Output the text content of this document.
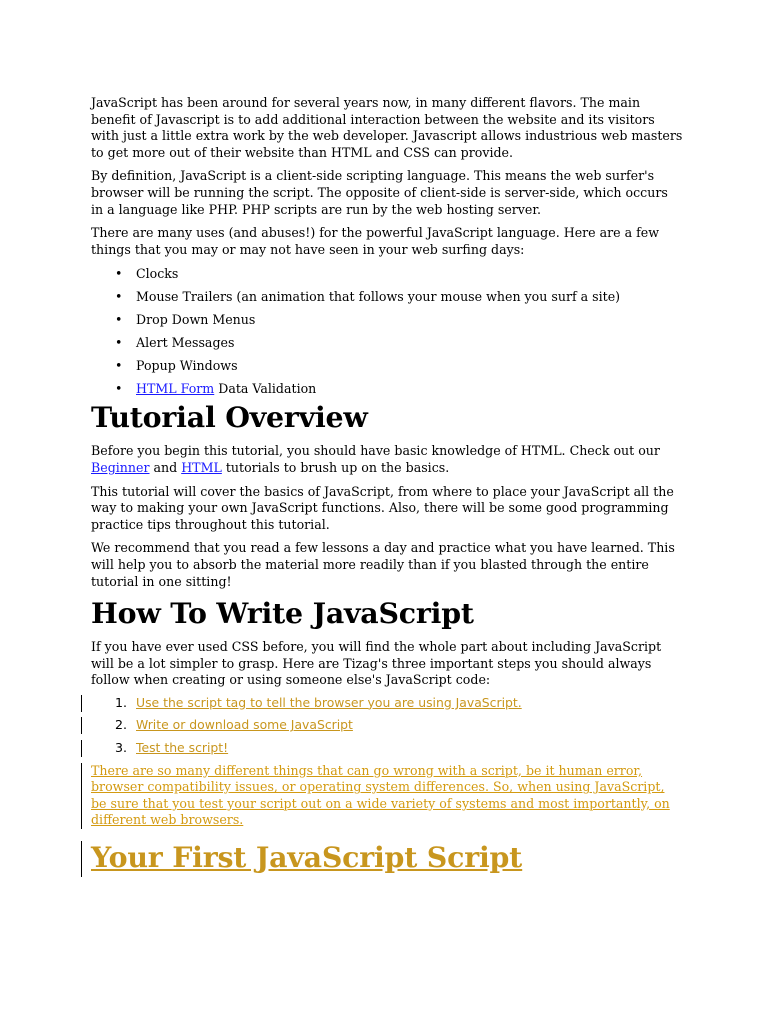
JavaScript has been around for several years now, in many different flavors. The main benefit of Javascript is to add additional interaction between the website and its visitors with just a little extra work by the web developer. Javascript allows industrious web masters to get more out of their website than HTML and CSS can provide.

By definition, JavaScript is a client-side scripting language. This means the web surfer's browser will be running the script. The opposite of client-side is server-side, which occurs in a language like PHP. PHP scripts are run by the web hosting server.

There are many uses (and abuses!) for the powerful JavaScript language. Here are a few things that you may or may not have seen in your web surfing days:

• Clocks
• Mouse Trailers (an animation that follows your mouse when you surf a site)
• Drop Down Menus
• Alert Messages
• Popup Windows
• HTML Form Data Validation
Tutorial Overview

Before you begin this tutorial, you should have basic knowledge of HTML. Check out our Beginner and HTML tutorials to brush up on the basics.

This tutorial will cover the basics of JavaScript, from where to place your JavaScript all the way to making your own JavaScript functions. Also, there will be some good programming practice tips throughout this tutorial.

We recommend that you read a few lessons a day and practice what you have learned. This will help you to absorb the material more readily than if you blasted through the entire tutorial in one sitting!

How To Write JavaScript

If you have ever used CSS before, you will find the whole part about including JavaScript will be a lot simpler to grasp. Here are Tizag's three important steps you should always follow when creating or using someone else's JavaScript code:

1. Use the script tag to tell the browser you are using JavaScript.
2. Write or download some JavaScript
3. Test the script!

There are so many different things that can go wrong with a script, be it human error, browser compatibility issues, or operating system differences. So, when using JavaScript, be sure that you test your script out on a wide variety of systems and most importantly, on different web browsers.

Your First JavaScript Script
